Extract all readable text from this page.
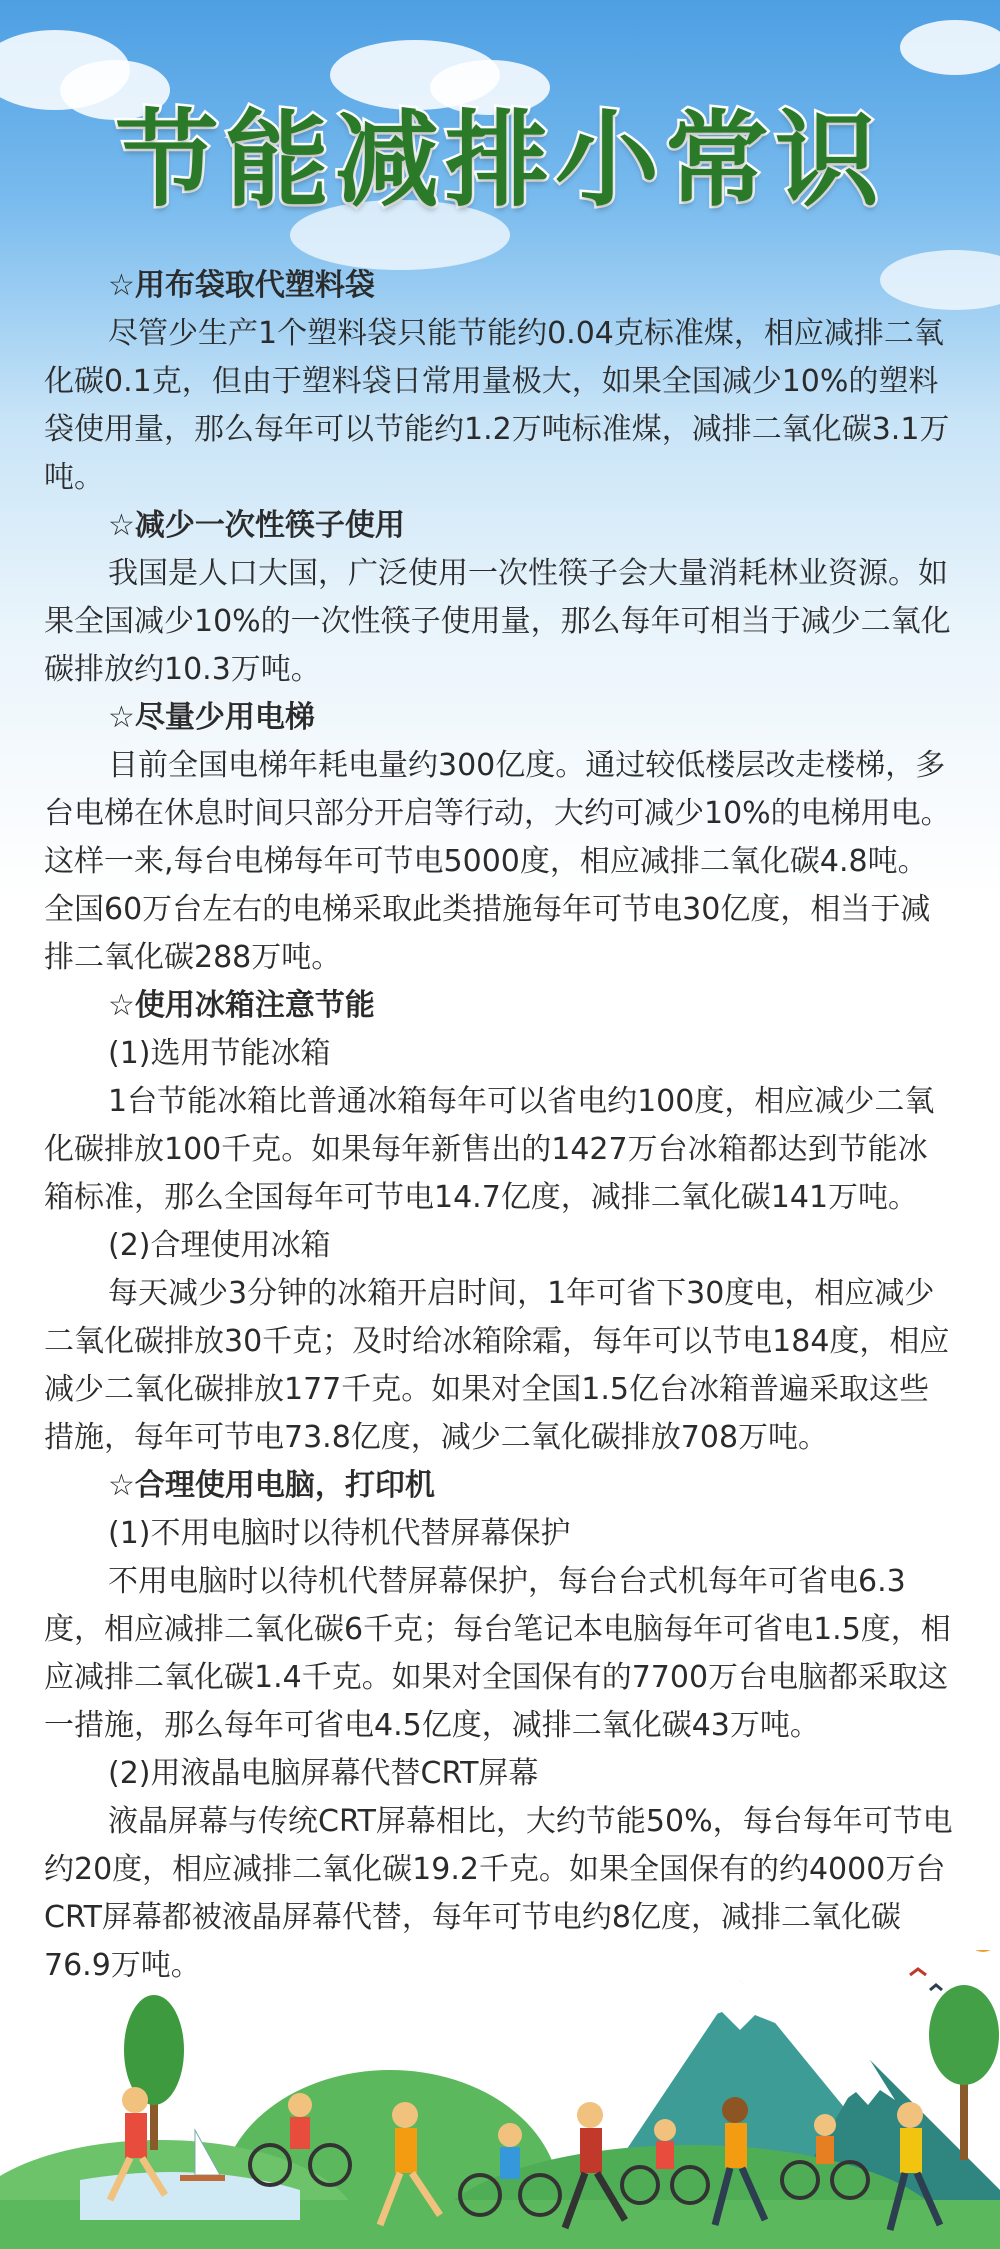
节能减排小常识

☆用布袋取代塑料袋

尽管少生产1个塑料袋只能节能约0.04克标准煤，相应减排二氧化碳0.1克，但由于塑料袋日常用量极大，如果全国减少10%的塑料袋使用量，那么每年可以节能约1.2万吨标准煤，减排二氧化碳3.1万吨。

☆减少一次性筷子使用

我国是人口大国，广泛使用一次性筷子会大量消耗林业资源。如果全国减少10%的一次性筷子使用量，那么每年可相当于减少二氧化碳排放约10.3万吨。

☆尽量少用电梯

目前全国电梯年耗电量约300亿度。通过较低楼层改走楼梯，多台电梯在休息时间只部分开启等行动，大约可减少10%的电梯用电。这样一来,每台电梯每年可节电5000度，相应减排二氧化碳4.8吨。全国60万台左右的电梯采取此类措施每年可节电30亿度，相当于减排二氧化碳288万吨。

☆使用冰箱注意节能

(1)选用节能冰箱

1台节能冰箱比普通冰箱每年可以省电约100度，相应减少二氧化碳排放100千克。如果每年新售出的1427万台冰箱都达到节能冰箱标准，那么全国每年可节电14.7亿度，减排二氧化碳141万吨。

(2)合理使用冰箱

每天减少3分钟的冰箱开启时间，1年可省下30度电，相应减少二氧化碳排放30千克；及时给冰箱除霜，每年可以节电184度，相应减少二氧化碳排放177千克。如果对全国1.5亿台冰箱普遍采取这些措施，每年可节电73.8亿度，减少二氧化碳排放708万吨。

☆合理使用电脑，打印机

(1)不用电脑时以待机代替屏幕保护

不用电脑时以待机代替屏幕保护，每台台式机每年可省电6.3度，相应减排二氧化碳6千克；每台笔记本电脑每年可省电1.5度，相应减排二氧化碳1.4千克。如果对全国保有的7700万台电脑都采取这一措施，那么每年可省电4.5亿度，减排二氧化碳43万吨。

(2)用液晶电脑屏幕代替CRT屏幕

液晶屏幕与传统CRT屏幕相比，大约节能50%，每台每年可节电约20度，相应减排二氧化碳19.2千克。如果全国保有的约4000万台CRT屏幕都被液晶屏幕代替，每年可节电约8亿度，减排二氧化碳76.9万吨。
